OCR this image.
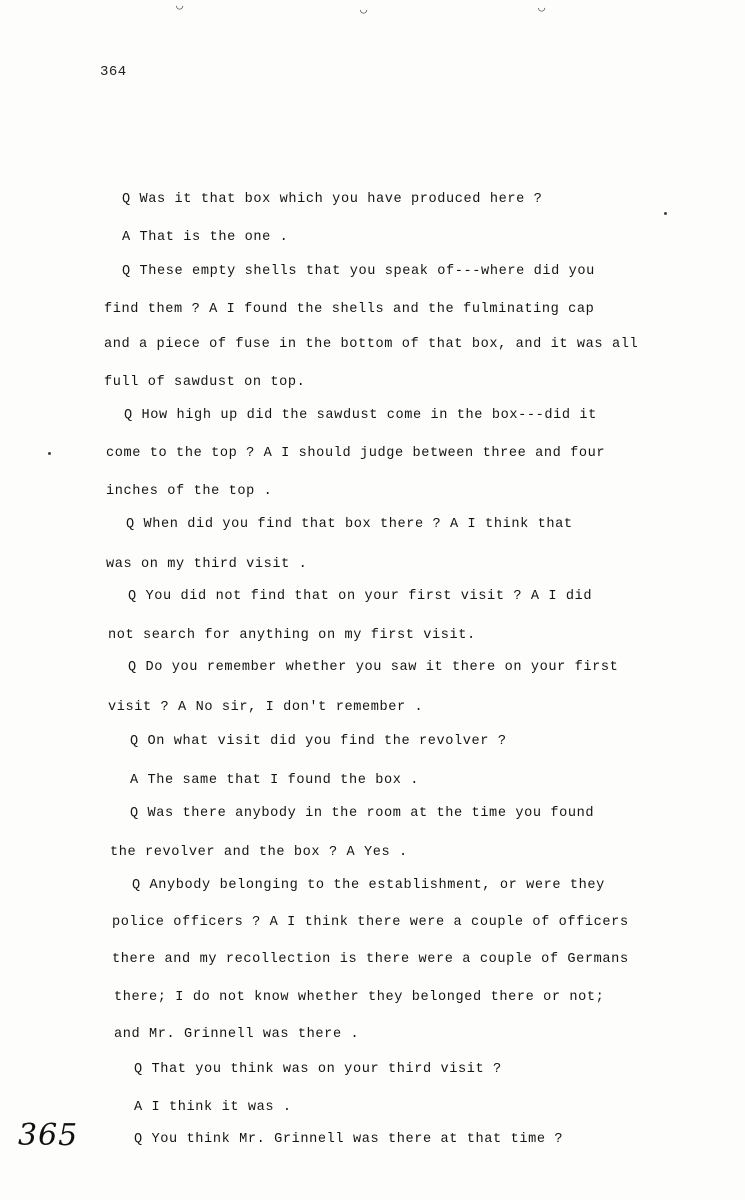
◡	◡	◡
364
Q Was it that box which you have produced here ?
A That is the one .
Q These empty shells that you speak of---where did you
find them ? A I found the shells and the fulminating cap
and a piece of fuse in the bottom of that box, and it was all
full of sawdust on top.
Q How high up did the sawdust come in the box---did it
come to the top ? A I should judge between three and four
inches of the top .
Q When did you find that box there ? A I think that
was on my third visit .
Q You did not find that on your first visit ? A I did
not search for anything on my first visit.
Q Do you remember whether you saw it there on your first
visit ? A No sir, I don't remember .
Q On what visit did you find the revolver ?
A The same that I found the box .
Q Was there anybody in the room at the time you found
the revolver and the box ? A Yes .
Q Anybody belonging to the establishment, or were they
police officers ? A I think there were a couple of officers
there and my recollection is there were a couple of Germans
there; I do not know whether they belonged there or not;
and Mr. Grinnell was there .
Q That you think was on your third visit ?
A I think it was .
Q You think Mr. Grinnell was there at that time ?
365
